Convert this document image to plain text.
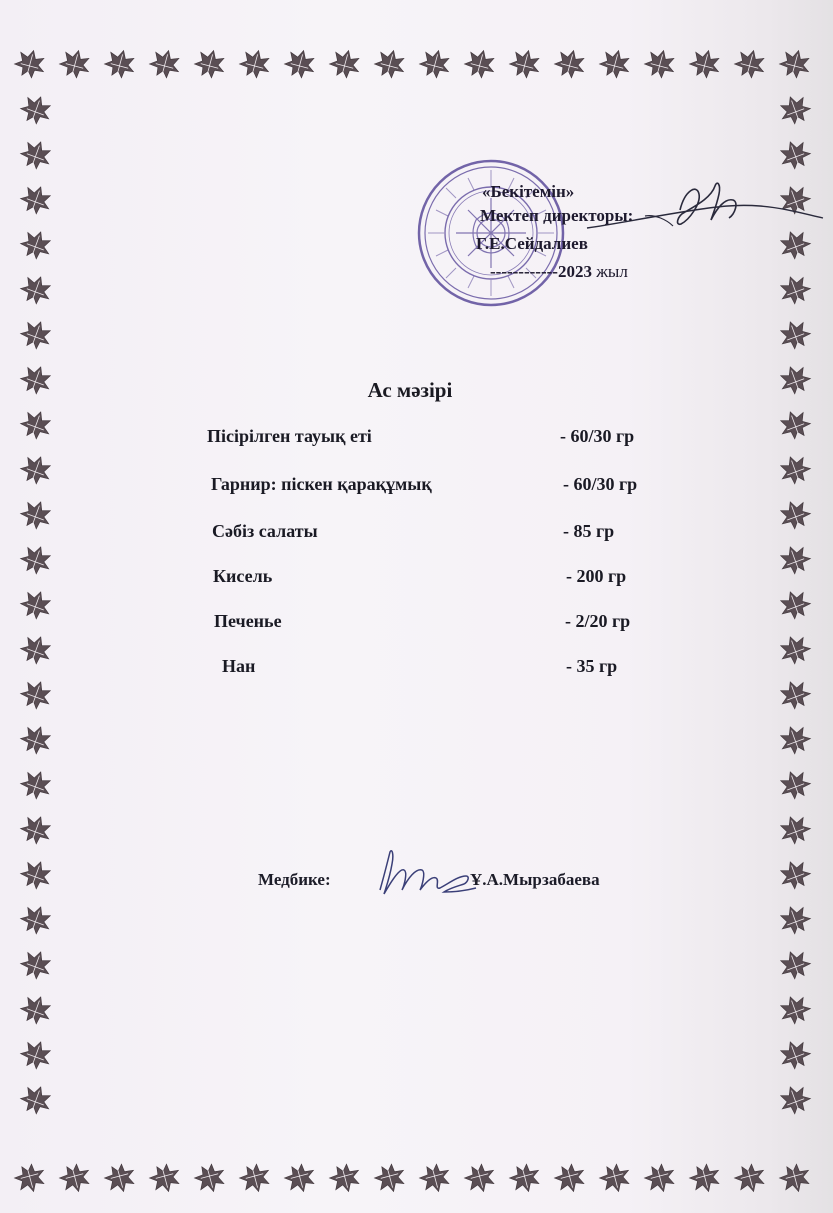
«Бекітемін»
Мектеп директоры:
Г.Е.Сейдалиев
------------2023 жыл
Ас мәзірі
Пісірілген тауық еті	- 60/30 гр
Гарнир: піскен қарақұмық	- 60/30 гр
Сәбіз салаты	- 85 гр
Кисель	- 200 гр
Печенье	- 2/20 гр
Нан	- 35 гр
Медбике:	Ұ.А.Мырзабаева
